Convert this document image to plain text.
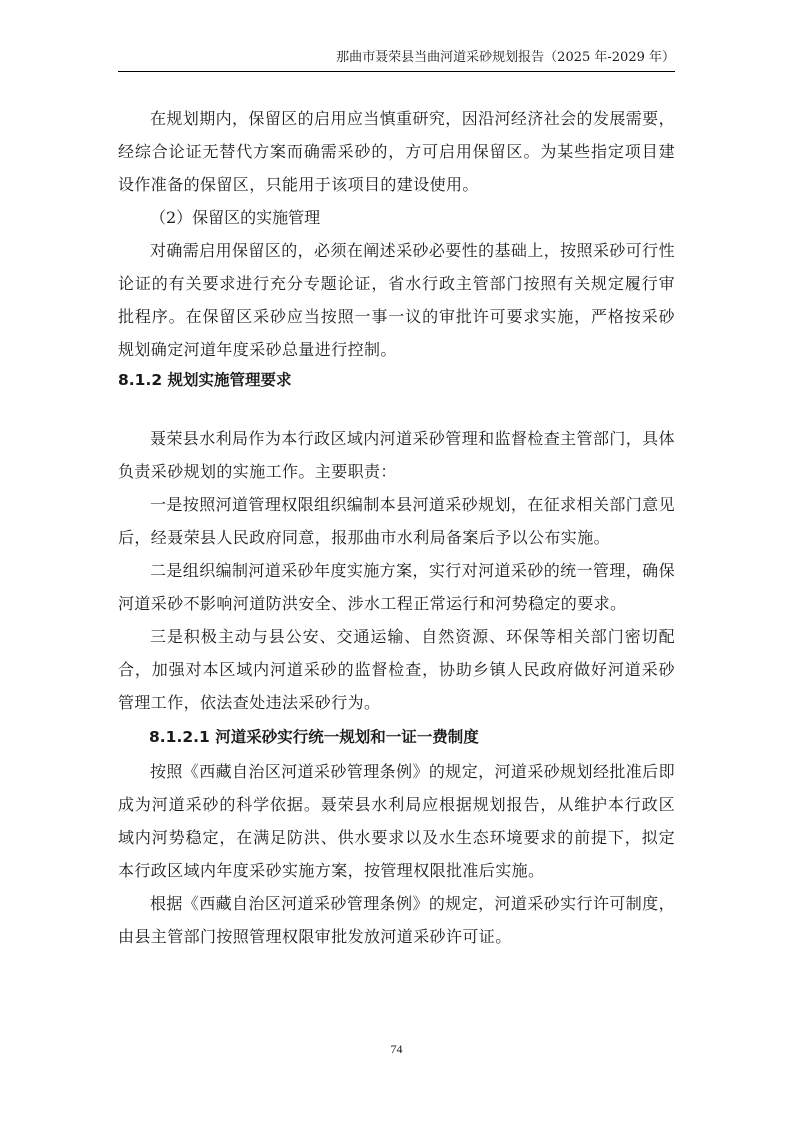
那曲市聂荣县当曲河道采砂规划报告（2025 年-2029 年）

在规划期内，保留区的启用应当慎重研究，因沿河经济社会的发展需要，经综合论证无替代方案而确需采砂的，方可启用保留区。为某些指定项目建设作准备的保留区，只能用于该项目的建设使用。

（2）保留区的实施管理

对确需启用保留区的，必须在阐述采砂必要性的基础上，按照采砂可行性论证的有关要求进行充分专题论证，省水行政主管部门按照有关规定履行审批程序。在保留区采砂应当按照一事一议的审批许可要求实施，严格按采砂规划确定河道年度采砂总量进行控制。

8.1.2 规划实施管理要求

聂荣县水利局作为本行政区域内河道采砂管理和监督检查主管部门，具体负责采砂规划的实施工作。主要职责：

一是按照河道管理权限组织编制本县河道采砂规划，在征求相关部门意见后，经聂荣县人民政府同意，报那曲市水利局备案后予以公布实施。

二是组织编制河道采砂年度实施方案，实行对河道采砂的统一管理，确保河道采砂不影响河道防洪安全、涉水工程正常运行和河势稳定的要求。

三是积极主动与县公安、交通运输、自然资源、环保等相关部门密切配合，加强对本区域内河道采砂的监督检查，协助乡镇人民政府做好河道采砂管理工作，依法查处违法采砂行为。

8.1.2.1 河道采砂实行统一规划和一证一费制度

按照《西藏自治区河道采砂管理条例》的规定，河道采砂规划经批准后即成为河道采砂的科学依据。聂荣县水利局应根据规划报告，从维护本行政区域内河势稳定，在满足防洪、供水要求以及水生态环境要求的前提下，拟定本行政区域内年度采砂实施方案，按管理权限批准后实施。

根据《西藏自治区河道采砂管理条例》的规定，河道采砂实行许可制度，由县主管部门按照管理权限审批发放河道采砂许可证。

74
